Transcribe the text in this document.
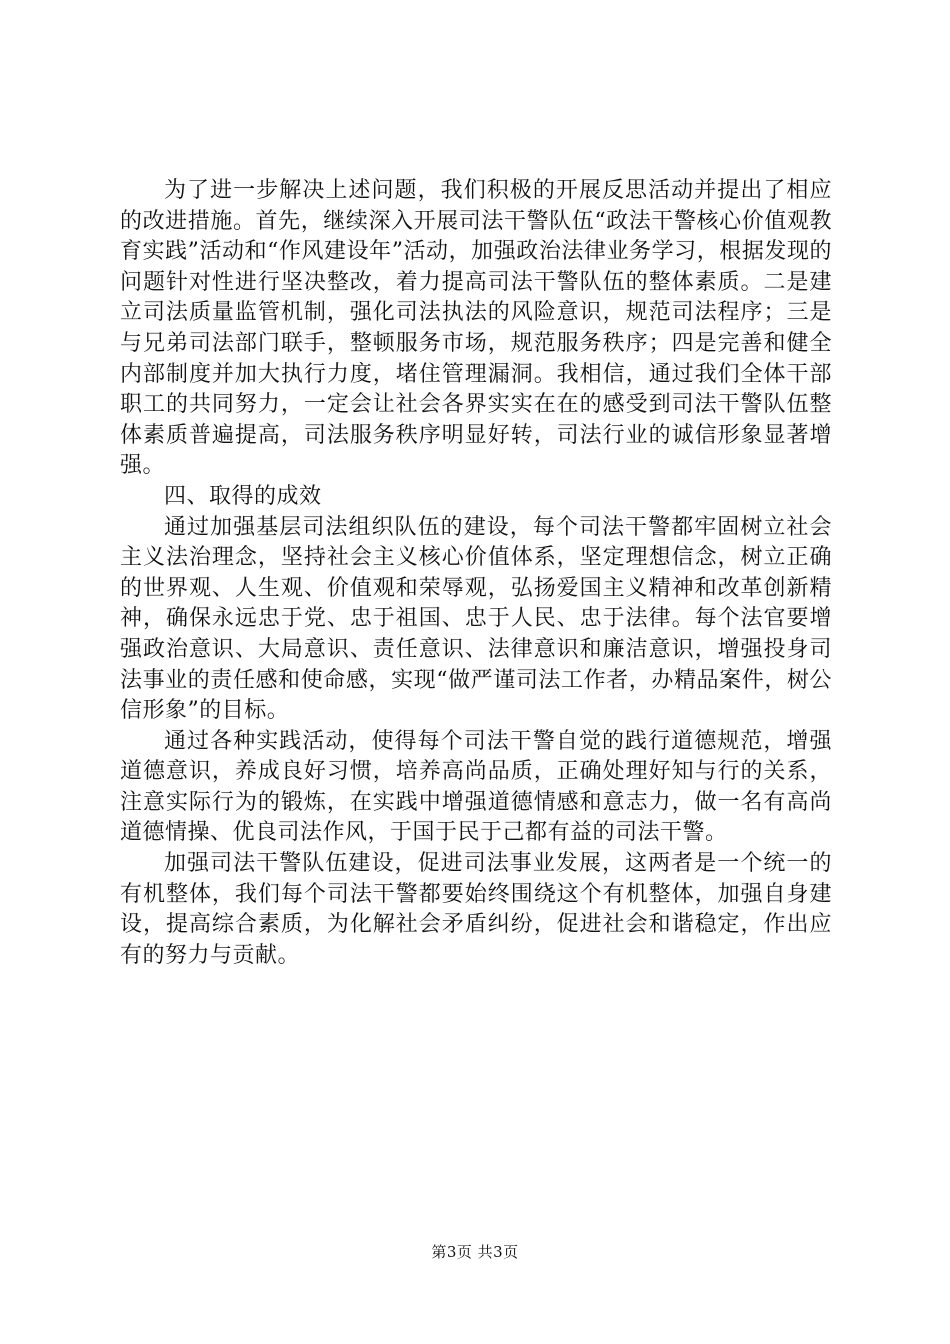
为了进一步解决上述问题，我们积极的开展反思活动并提出了相应的改进措施。首先，继续深入开展司法干警队伍“政法干警核心价值观教育实践”活动和“作风建设年”活动，加强政治法律业务学习，根据发现的问题针对性进行坚决整改，着力提高司法干警队伍的整体素质。二是建立司法质量监管机制，强化司法执法的风险意识，规范司法程序；三是与兄弟司法部门联手，整顿服务市场，规范服务秩序；四是完善和健全内部制度并加大执行力度，堵住管理漏洞。我相信，通过我们全体干部职工的共同努力，一定会让社会各界实实在在的感受到司法干警队伍整体素质普遍提高，司法服务秩序明显好转，司法行业的诚信形象显著增强。

四、取得的成效

通过加强基层司法组织队伍的建设，每个司法干警都牢固树立社会主义法治理念，坚持社会主义核心价值体系，坚定理想信念，树立正确的世界观、人生观、价值观和荣辱观，弘扬爱国主义精神和改革创新精神，确保永远忠于党、忠于祖国、忠于人民、忠于法律。每个法官要增强政治意识、大局意识、责任意识、法律意识和廉洁意识，增强投身司法事业的责任感和使命感，实现“做严谨司法工作者，办精品案件，树公信形象”的目标。

通过各种实践活动，使得每个司法干警自觉的践行道德规范，增强道德意识，养成良好习惯，培养高尚品质，正确处理好知与行的关系，注意实际行为的锻炼，在实践中增强道德情感和意志力，做一名有高尚道德情操、优良司法作风，于国于民于己都有益的司法干警。

加强司法干警队伍建设，促进司法事业发展，这两者是一个统一的有机整体，我们每个司法干警都要始终围绕这个有机整体，加强自身建设，提高综合素质，为化解社会矛盾纠纷，促进社会和谐稳定，作出应有的努力与贡献。

第3页 共3页
